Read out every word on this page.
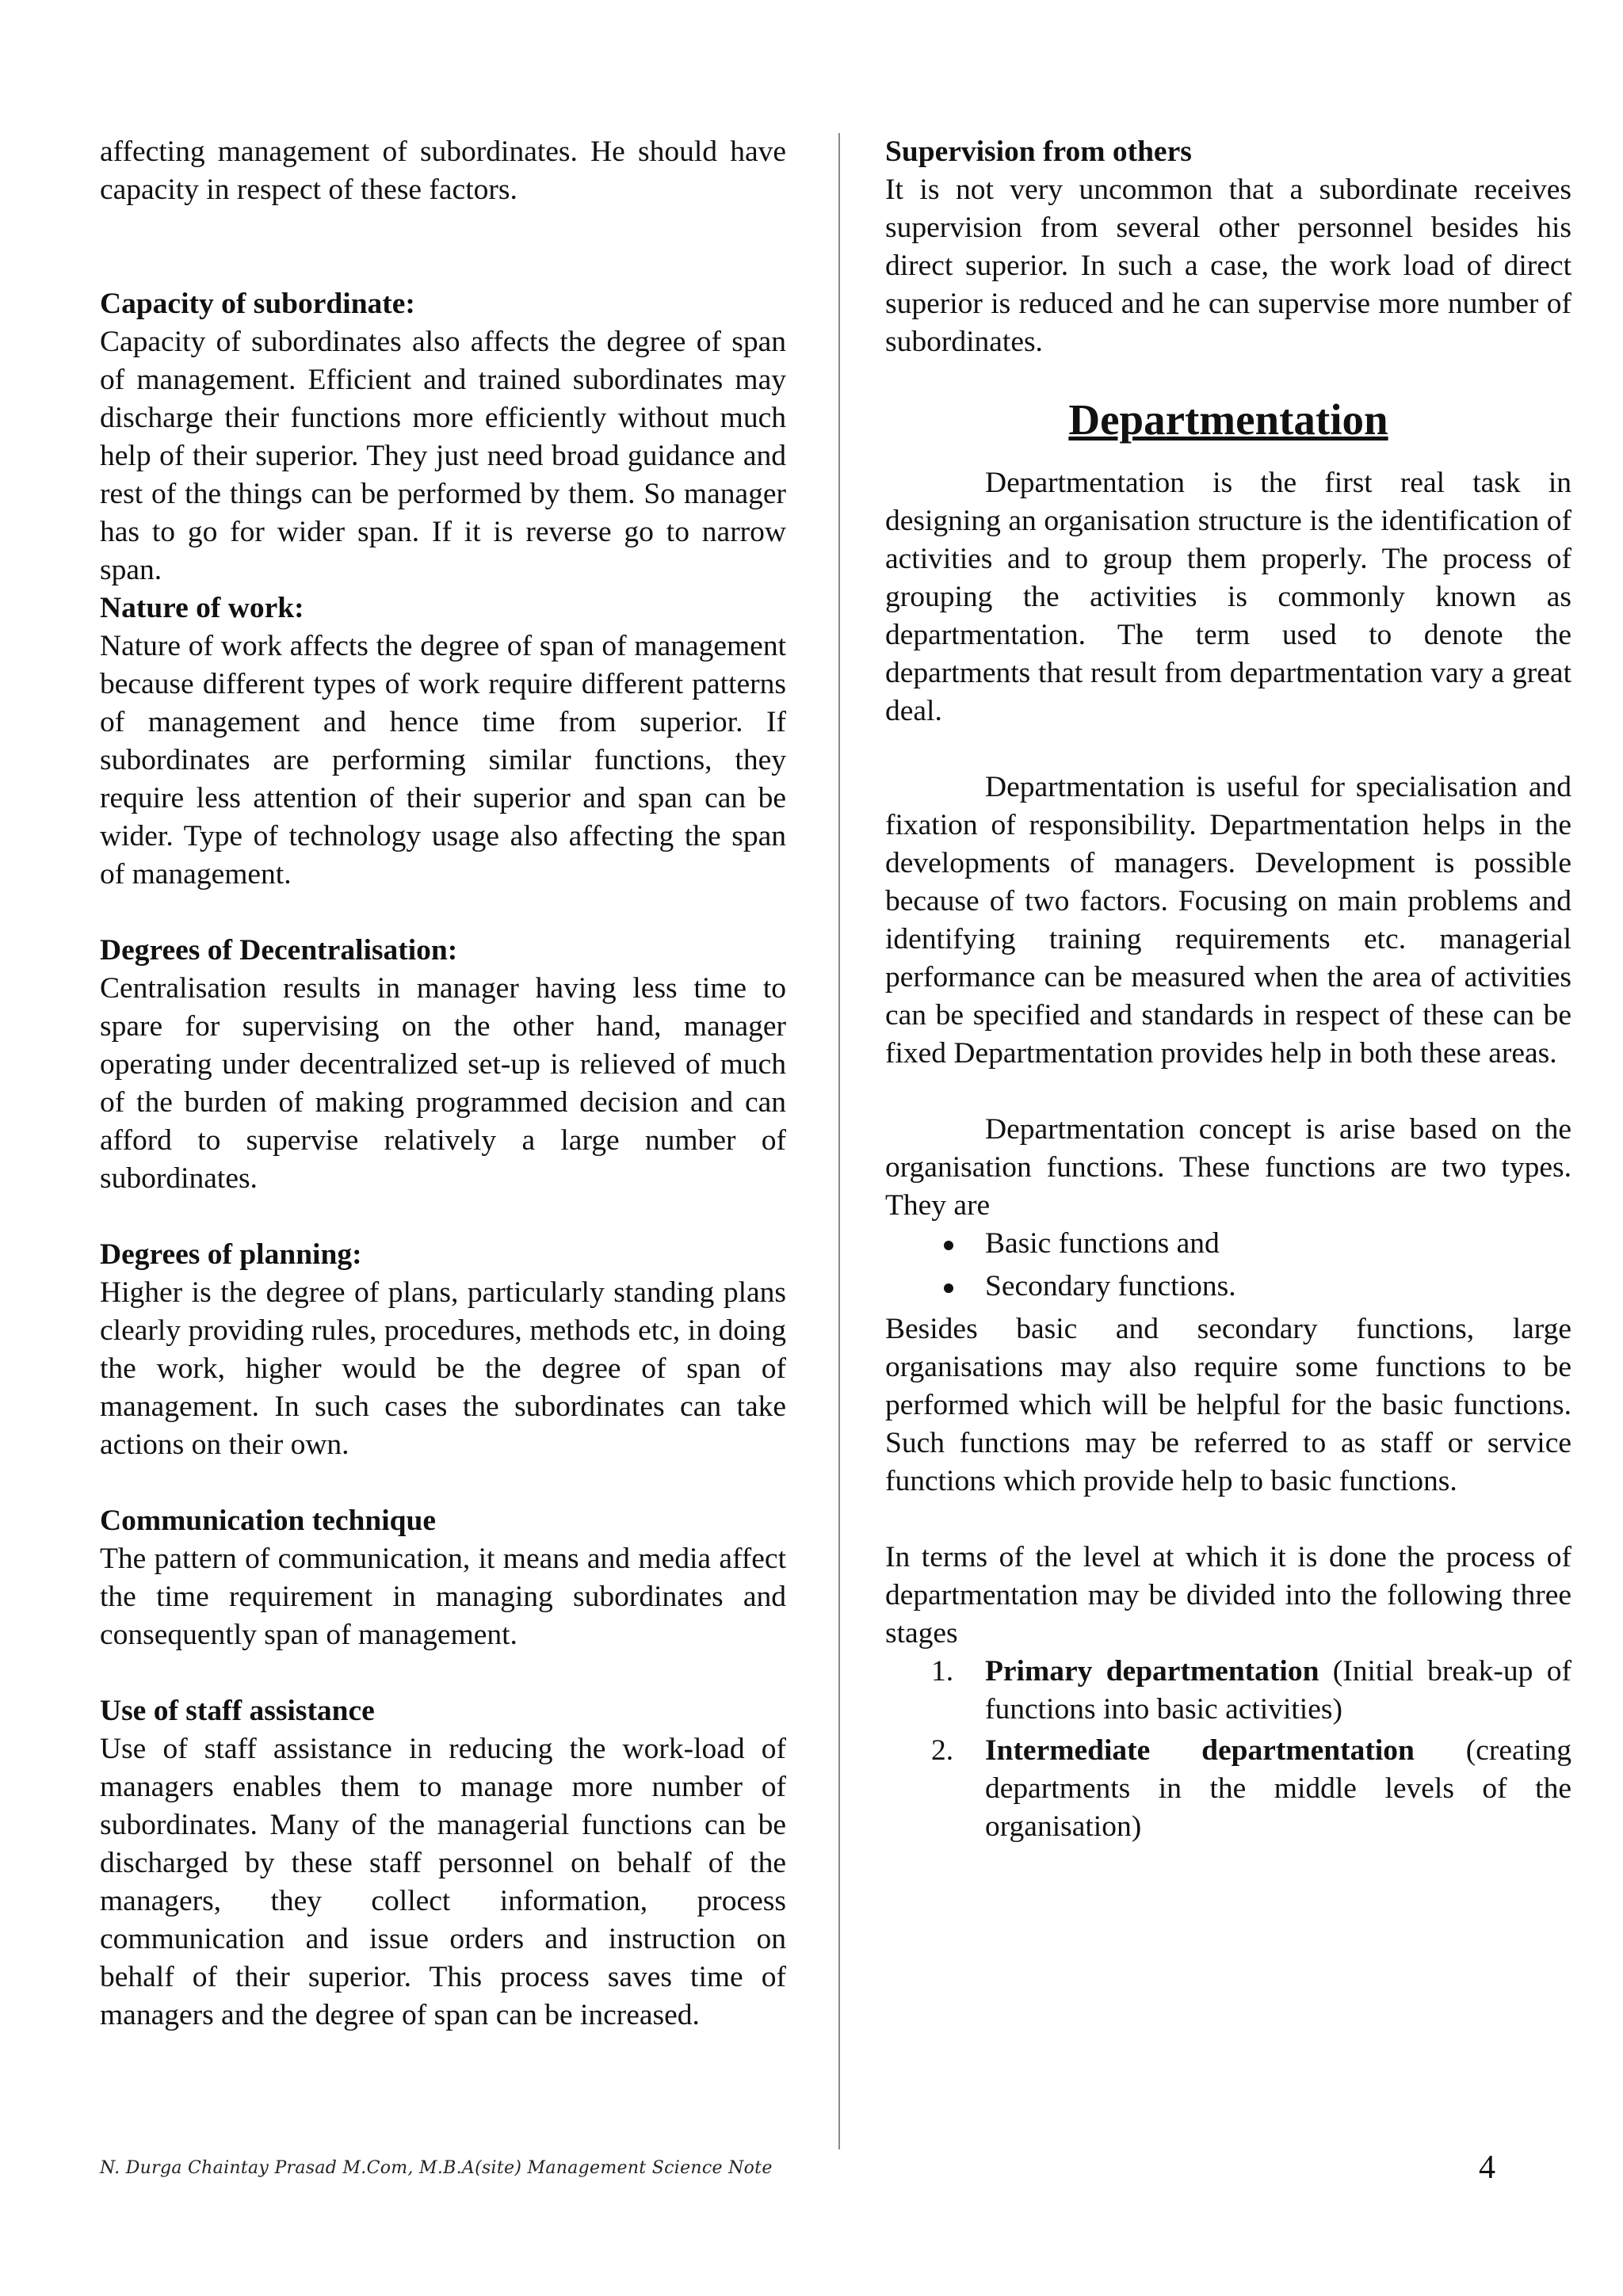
affecting management of subordinates. He should have capacity in respect of these factors.

Capacity of subordinate:

Capacity of subordinates also affects the degree of span of management. Efficient and trained subordinates may discharge their functions more efficiently without much help of their superior. They just need broad guidance and rest of the things can be performed by them. So manager has to go for wider span. If it is reverse go to narrow span.

Nature of work:

Nature of work affects the degree of span of management because different types of work require different patterns of management and hence time from superior. If subordinates are performing similar functions, they require less attention of their superior and span can be wider. Type of technology usage also affecting the span of management.

Degrees of Decentralisation:

Centralisation results in manager having less time to spare for supervising on the other hand, manager operating under decentralized set-up is relieved of much of the burden of making programmed decision and can afford to supervise relatively a large number of subordinates.

Degrees of planning:

Higher is the degree of plans, particularly standing plans clearly providing rules, procedures, methods etc, in doing the work, higher would be the degree of span of management. In such cases the subordinates can take actions on their own.

Communication technique

The pattern of communication, it means and media affect the time requirement in managing subordinates and consequently span of management.

Use of staff assistance

Use of staff assistance in reducing the work-load of managers enables them to manage more number of subordinates. Many of the managerial functions can be discharged by these staff personnel on behalf of the managers, they collect information, process communication and issue orders and instruction on behalf of their superior. This process saves time of managers and the degree of span can be increased.

Supervision from others

It is not very uncommon that a subordinate receives supervision from several other personnel besides his direct superior. In such a case, the work load of direct superior is reduced and he can supervise more number of subordinates.

Departmentation

Departmentation is the first real task in designing an organisation structure is the identification of activities and to group them properly. The process of grouping the activities is commonly known as departmentation. The term used to denote the departments that result from departmentation vary a great deal.

Departmentation is useful for specialisation and fixation of responsibility. Departmentation helps in the developments of managers. Development is possible because of two factors. Focusing on main problems and identifying training requirements etc. managerial performance can be measured when the area of activities can be specified and standards in respect of these can be fixed Departmentation provides help in both these areas.

Departmentation concept is arise based on the organisation functions. These functions are two types. They are

Basic functions and
Secondary functions.

Besides basic and secondary functions, large organisations may also require some functions to be performed which will be helpful for the basic functions. Such functions may be referred to as staff or service functions which provide help to basic functions.

In terms of the level at which it is done the process of departmentation may be divided into the following three stages

1. Primary departmentation (Initial break-up of functions into basic activities)
2. Intermediate departmentation (creating departments in the middle levels of the organisation)
N. Durga Chaintay Prasad M.Com, M.B.A(site) Management Science Note	4
